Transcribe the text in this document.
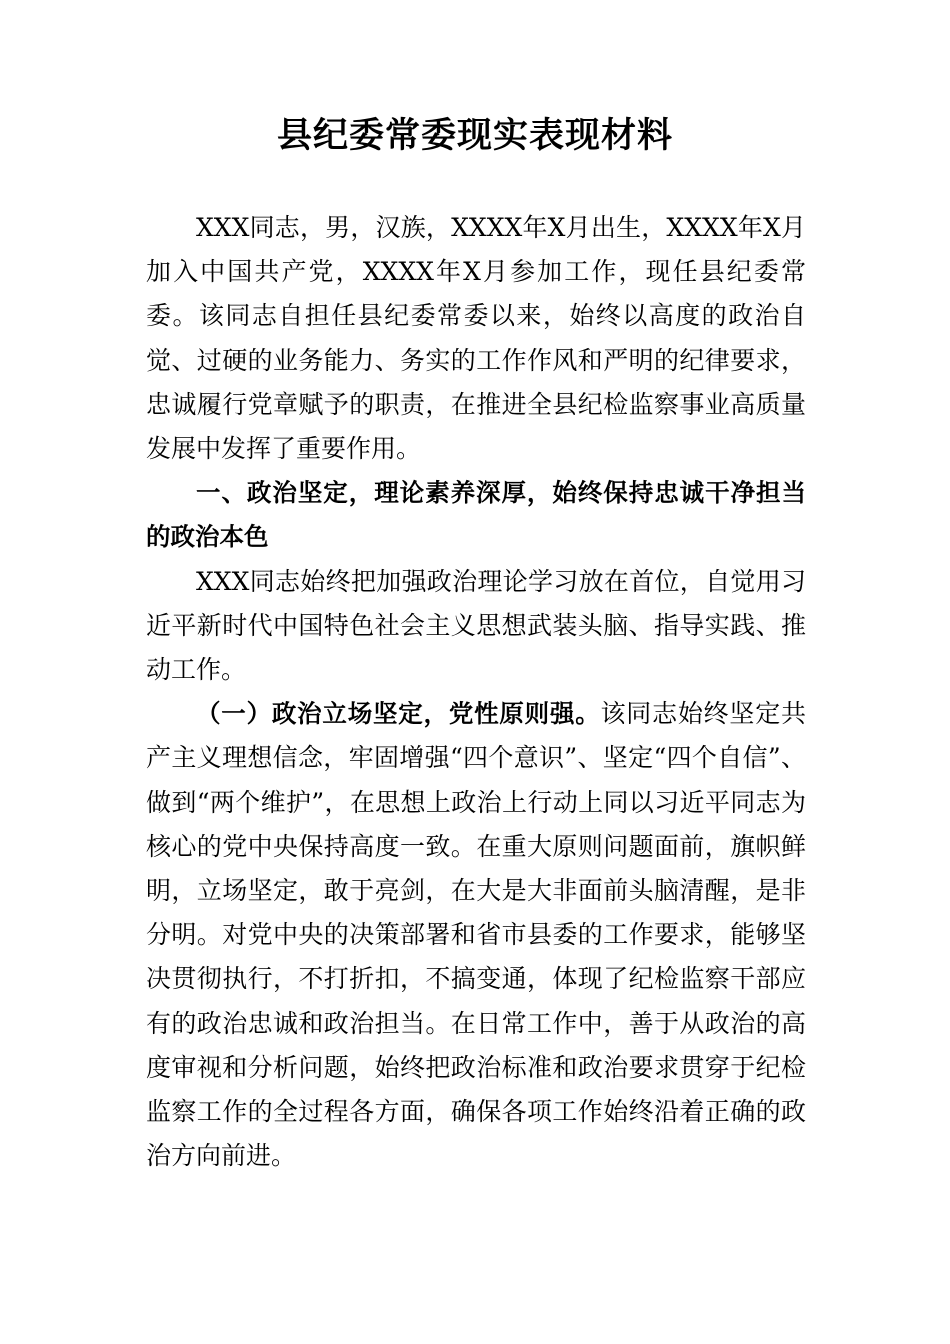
县纪委常委现实表现材料

XXX同志，男，汉族，XXXX年X月出生，XXXX年X月加入中国共产党，XXXX年X月参加工作，现任县纪委常委。该同志自担任县纪委常委以来，始终以高度的政治自觉、过硬的业务能力、务实的工作作风和严明的纪律要求，忠诚履行党章赋予的职责，在推进全县纪检监察事业高质量发展中发挥了重要作用。

一、政治坚定，理论素养深厚，始终保持忠诚干净担当的政治本色

XXX同志始终把加强政治理论学习放在首位，自觉用习近平新时代中国特色社会主义思想武装头脑、指导实践、推动工作。

（一）政治立场坚定，党性原则强。该同志始终坚定共产主义理想信念，牢固增强“四个意识”、坚定“四个自信”、做到“两个维护”，在思想上政治上行动上同以习近平同志为核心的党中央保持高度一致。在重大原则问题面前，旗帜鲜明，立场坚定，敢于亮剑，在大是大非面前头脑清醒，是非分明。对党中央的决策部署和省市县委的工作要求，能够坚决贯彻执行，不打折扣，不搞变通，体现了纪检监察干部应有的政治忠诚和政治担当。在日常工作中，善于从政治的高度审视和分析问题，始终把政治标准和政治要求贯穿于纪检监察工作的全过程各方面，确保各项工作始终沿着正确的政治方向前进。
